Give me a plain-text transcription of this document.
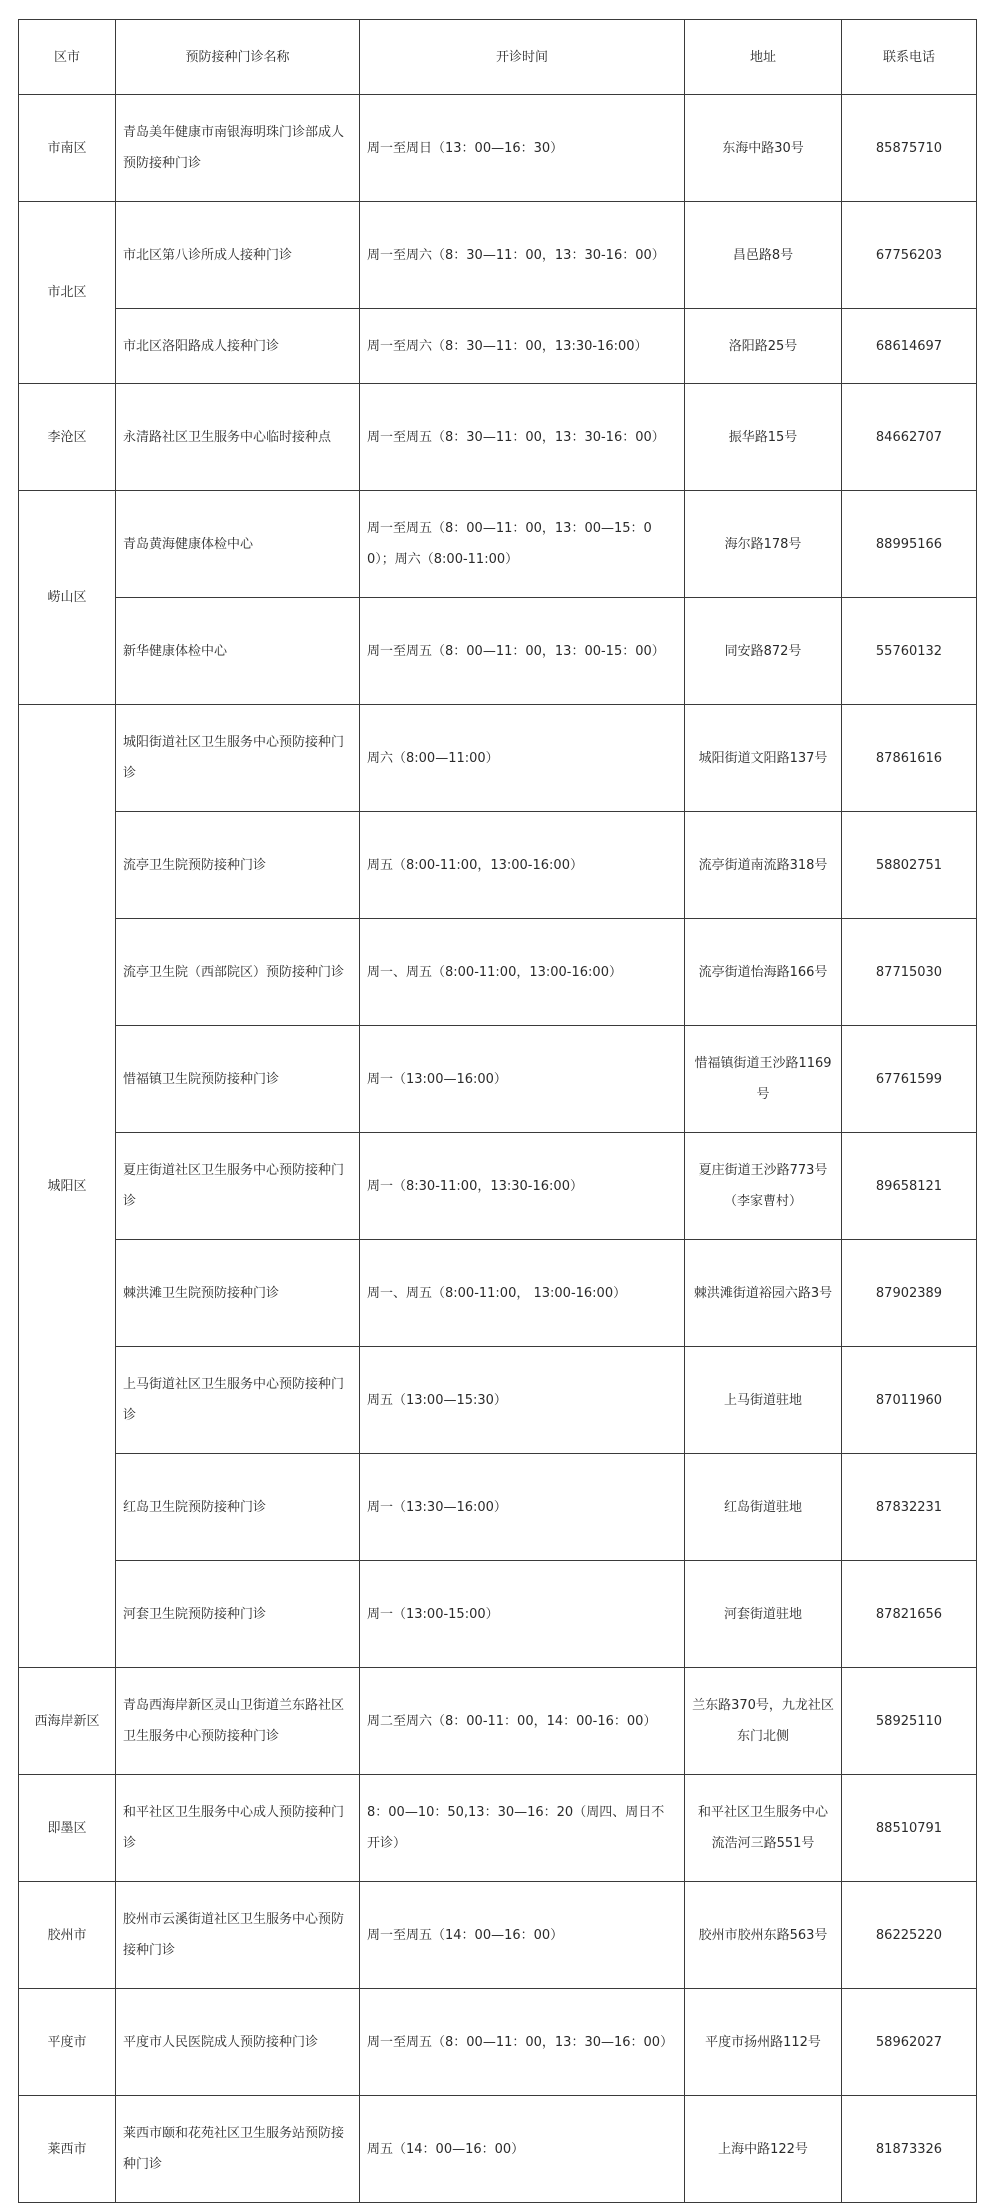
区市	预防接种门诊名称	开诊时间	地址	联系电话
市南区	青岛美年健康市南银海明珠门诊部成人预防接种门诊	周一至周日（13：00—16：30）	东海中路30号	85875710
市北区	市北区第八诊所成人接种门诊	周一至周六（8：30—11：00，13：30-16：00）	昌邑路8号	67756203
	市北区洛阳路成人接种门诊	周一至周六（8：30—11：00，13:30-16:00）	洛阳路25号	68614697
李沧区	永清路社区卫生服务中心临时接种点	周一至周五（8：30—11：00，13：30-16：00）	振华路15号	84662707
崂山区	青岛黄海健康体检中心	周一至周五（8：00—11：00，13：00—15：00）；周六（8:00-11:00）	海尔路178号	88995166
	新华健康体检中心	周一至周五（8：00—11：00，13：00-15：00）	同安路872号	55760132
城阳区	城阳街道社区卫生服务中心预防接种门诊	周六（8:00—11:00）	城阳街道文阳路137号	87861616
	流亭卫生院预防接种门诊	周五（8:00-11:00，13:00-16:00）	流亭街道南流路318号	58802751
	流亭卫生院（西部院区）预防接种门诊	周一、周五（8:00-11:00，13:00-16:00）	流亭街道怡海路166号	87715030
	惜福镇卫生院预防接种门诊	周一（13:00—16:00）	惜福镇街道王沙路1169号	67761599
	夏庄街道社区卫生服务中心预防接种门诊	周一（8:30-11:00，13:30-16:00）	夏庄街道王沙路773号（李家曹村）	89658121
	棘洪滩卫生院预防接种门诊	周一、周五（8:00-11:00， 13:00-16:00）	棘洪滩街道裕园六路3号	87902389
	上马街道社区卫生服务中心预防接种门诊	周五（13:00—15:30）	上马街道驻地	87011960
	红岛卫生院预防接种门诊	周一（13:30—16:00）	红岛街道驻地	87832231
	河套卫生院预防接种门诊	周一（13:00-15:00）	河套街道驻地	87821656
西海岸新区	青岛西海岸新区灵山卫街道兰东路社区卫生服务中心预防接种门诊	周二至周六（8：00-11：00，14：00-16：00）	兰东路370号，九龙社区东门北侧	58925110
即墨区	和平社区卫生服务中心成人预防接种门诊	8：00—10：50,13：30—16：20（周四、周日不开诊）	和平社区卫生服务中心流浩河三路551号	88510791
胶州市	胶州市云溪街道社区卫生服务中心预防接种门诊	周一至周五（14：00—16：00）	胶州市胶州东路563号	86225220
平度市	平度市人民医院成人预防接种门诊	周一至周五（8：00—11：00，13：30—16：00）	平度市扬州路112号	58962027
莱西市	莱西市颐和花苑社区卫生服务站预防接种门诊	周五（14：00—16：00）	上海中路122号	81873326
